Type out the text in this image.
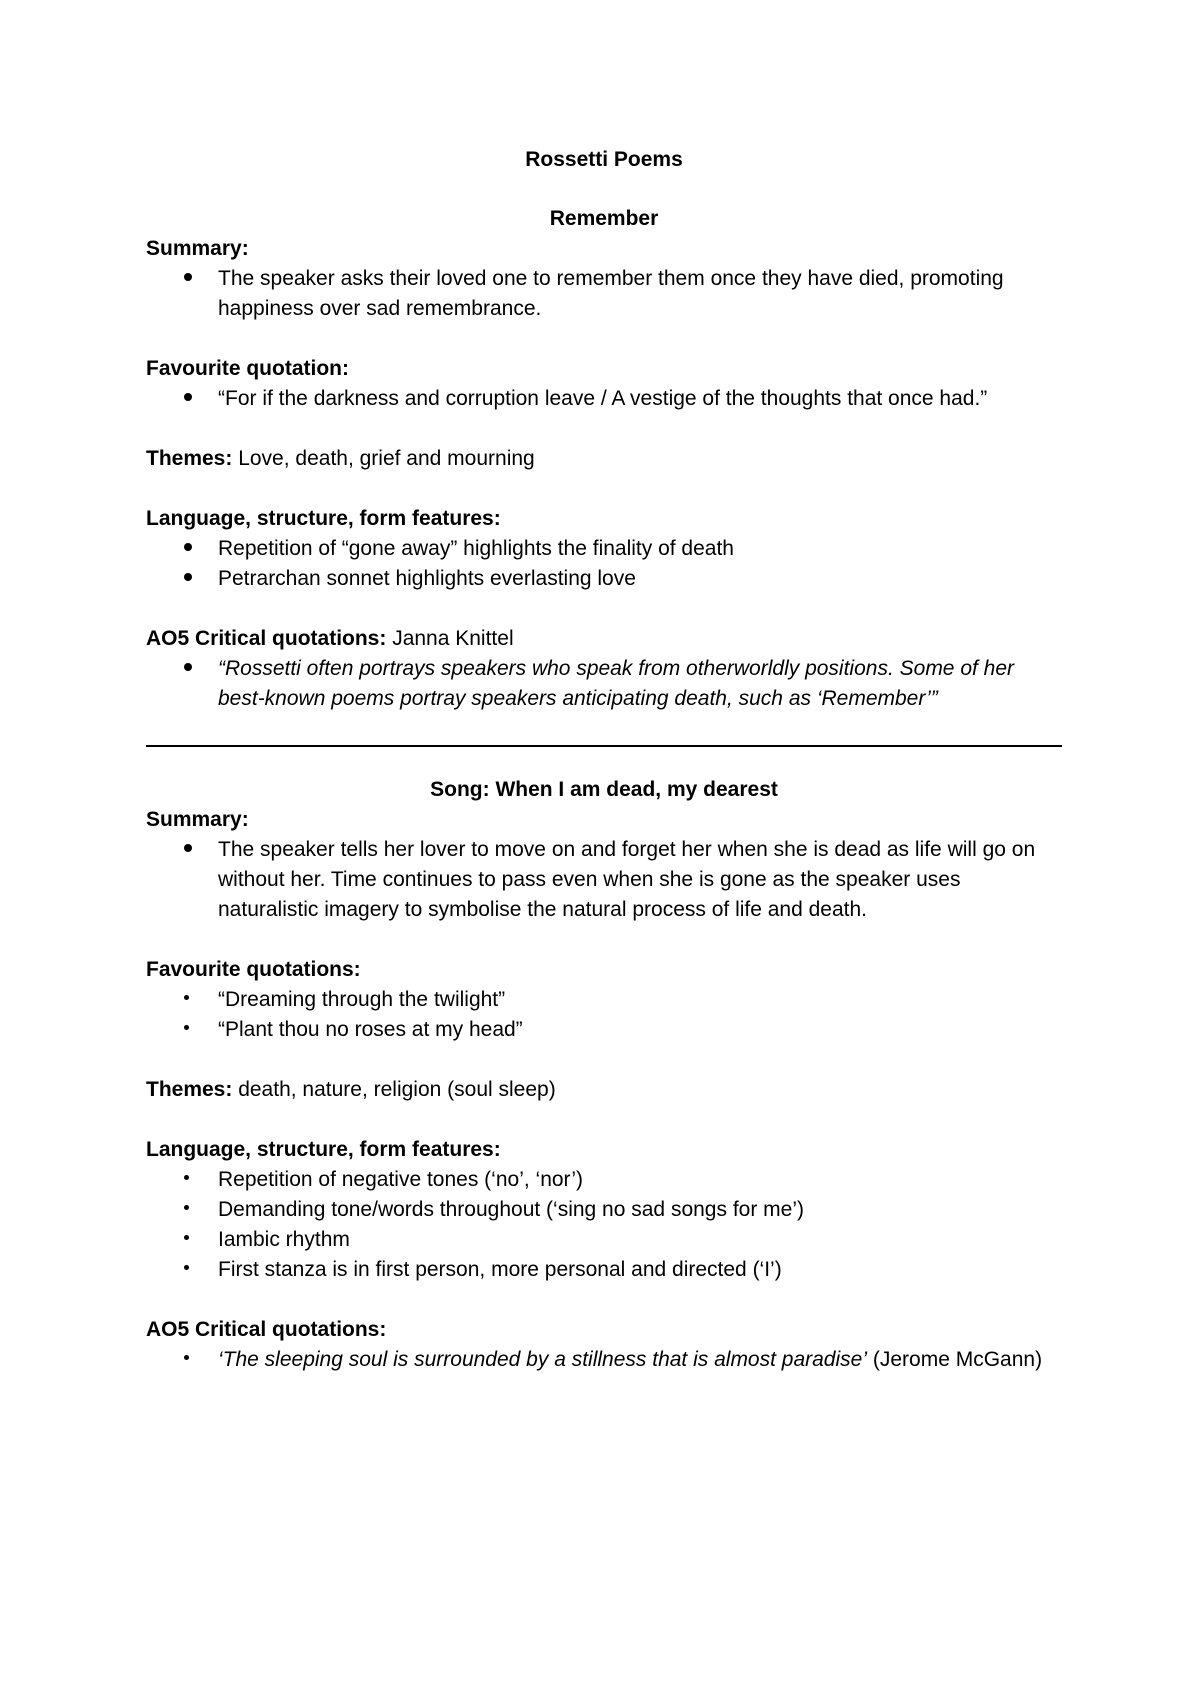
Rossetti Poems

Remember

Summary:

The speaker asks their loved one to remember them once they have died, promoting happiness over sad remembrance.

Favourite quotation:

“For if the darkness and corruption leave / A vestige of the thoughts that once had.”

Themes: Love, death, grief and mourning

Language, structure, form features:

Repetition of “gone away” highlights the finality of death
Petrarchan sonnet highlights everlasting love

AO5 Critical quotations: Janna Knittel

“Rossetti often portrays speakers who speak from otherworldly positions. Some of her best-known poems portray speakers anticipating death, such as ‘Remember’”

Song: When I am dead, my dearest

Summary:

The speaker tells her lover to move on and forget her when she is dead as life will go on without her. Time continues to pass even when she is gone as the speaker uses naturalistic imagery to symbolise the natural process of life and death.

Favourite quotations:

“Dreaming through the twilight”
“Plant thou no roses at my head”

Themes: death, nature, religion (soul sleep)

Language, structure, form features:

Repetition of negative tones (‘no’, ‘nor’)
Demanding tone/words throughout (‘sing no sad songs for me’)
Iambic rhythm
First stanza is in first person, more personal and directed (‘I’)

AO5 Critical quotations:

‘The sleeping soul is surrounded by a stillness that is almost paradise’ (Jerome McGann)
